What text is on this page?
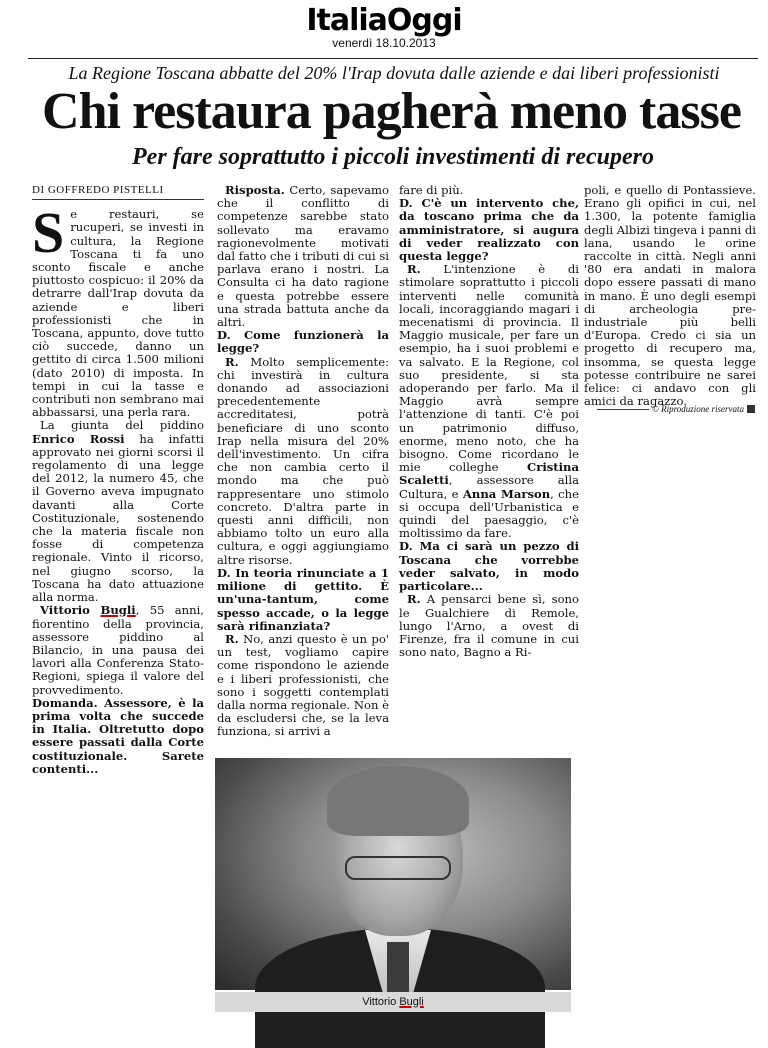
ItaliaOggi
venerdì 18.10.2013
La Regione Toscana abbatte del 20% l'Irap dovuta dalle aziende e dai liberi professionisti
Chi restaura pagherà meno tasse
Per fare soprattutto i piccoli investimenti di recupero
DI GOFFREDO PISTELLI

Se restauri, se rucuperi, se investi in cultura, la Regione Toscana ti fa uno sconto fiscale e anche piuttosto cospicuo: il 20% da detrarre dall'Irap dovuta da aziende e liberi professionisti che in Toscana, appunto, dove tutto ciò succede, danno un gettito di circa 1.500 milioni (dato 2010) di imposta. In tempi in cui la tasse e contributi non sembrano mai abbassarsi, una perla rara.

La giunta del piddino Enrico Rossi ha infatti approvato nei giorni scorsi il regolamento di una legge del 2012, la numero 45, che il Governo aveva impugnato davanti alla Corte Costituzionale, sostenendo che la materia fiscale non fosse di competenza regionale. Vinto il ricorso, nel giugno scorso, la Toscana ha dato attuazione alla norma.

Vittorio Bugli, 55 anni, fiorentino della provincia, assessore piddino al Bilancio, in una pausa dei lavori alla Conferenza Stato-Regioni, spiega il valore del provvedimento.

Domanda. Assessore, è la prima volta che succede in Italia. Oltretutto dopo essere passati dalla Corte costituzionale. Sarete contenti...

Risposta. Certo, sapevamo che il conflitto di competenze sarebbe stato sollevato ma eravamo ragionevolmente motivati dal fatto che i tributi di cui si parlava erano i nostri. La Consulta ci ha dato ragione e questa potrebbe essere una strada battuta anche da altri.

D. Come funzionerà la legge?

R. Molto semplicemente: chi investirà in cultura donando ad associazioni precedentemente accreditatesi, potrà beneficiare di uno sconto Irap nella misura del 20% dell'investimento. Un cifra che non cambia certo il mondo ma che può rappresentare uno stimolo concreto. D'altra parte in questi anni difficili, non abbiamo tolto un euro alla cultura, e oggi aggiungiamo altre risorse.

D. In teoria rinunciate a 1 milione di gettito. È un'una-tantum, come spesso accade, o la legge sarà rifinanziata?

R. No, anzi questo è un po' un test, vogliamo capire come rispondono le aziende e i liberi professionisti, che sono i soggetti contemplati dalla norma regionale. Non è da escludersi che, se la leva funziona, si arrivi a

fare di più.

D. C'è un intervento che, da toscano prima che da amministratore, si augura di veder realizzato con questa legge?

R. L'intenzione è di stimolare soprattutto i piccoli interventi nelle comunità locali, incoraggiando magari i mecenatismi di provincia. Il Maggio musicale, per fare un esempio, ha i suoi problemi e va salvato. E la Regione, col suo presidente, si sta adoperando per farlo. Ma il Maggio avrà sempre l'attenzione di tanti. C'è poi un patrimonio diffuso, enorme, meno noto, che ha bisogno. Come ricordano le mie colleghe Cristina Scaletti, assessore alla Cultura, e Anna Marson, che si occupa dell'Urbanistica e quindi del paesaggio, c'è moltissimo da fare.

D. Ma ci sarà un pezzo di Toscana che vorrebbe veder salvato, in modo particolare...

R. A pensarci bene sì, sono le Gualchiere di Remole, lungo l'Arno, a ovest di Firenze, fra il comune in cui sono nato, Bagno a Ri-

poli, e quello di Pontassieve. Erano gli opifici in cui, nel 1.300, la potente famiglia degli Albizi tingeva i panni di lana, usando le orine raccolte in città. Negli anni '80 era andati in malora dopo essere passati di mano in mano. È uno degli esempi di archeologia pre-industriale più belli d'Europa. Credo ci sia un progetto di recupero ma, insomma, se questa legge potesse contribuire ne sarei felice: ci andavo con gli amici da ragazzo.

© Riproduzione riservata
Vittorio Bugli
